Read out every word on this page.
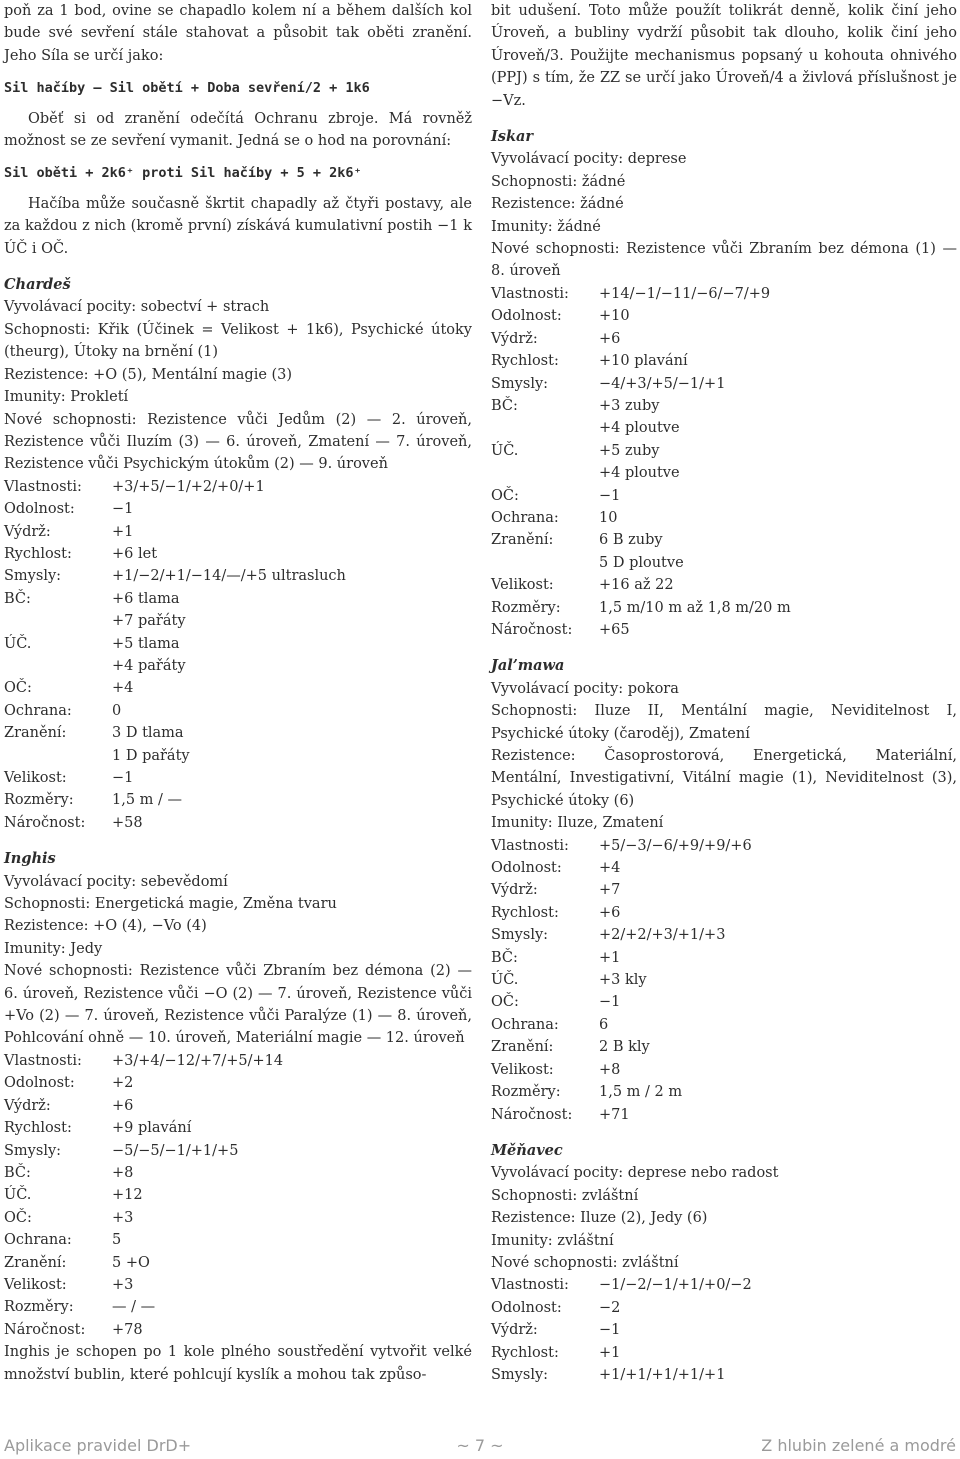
poň za 1 bod, ovine se chapadlo kolem ní a během dalších kol bude své sevření stále stahovat a působit tak oběti zranění. Jeho Síla se určí jako:

Sil hačíby – Sil obětí + Doba sevření/2 + 1k6

Oběť si od zranění odečítá Ochranu zbroje. Má rovněž možnost se ze sevření vymanit. Jedná se o hod na porovnání:

Sil oběti + 2k6⁺ proti Sil hačíby + 5 + 2k6⁺

Hačíba může současně škrtit chapadly až čtyři postavy, ale za každou z nich (kromě první) získává kumulativní postih −1 k ÚČ i OČ.

Chardeš

Vyvolávací pocity: sobectví + strach

Schopnosti: Křik (Účinek = Velikost + 1k6), Psychické útoky (theurg), Útoky na brnění (1)

Rezistence: +O (5), Mentální magie (3)

Imunity: Prokletí

Nové schopnosti: Rezistence vůči Jedům (2) — 2. úroveň, Rezistence vůči Iluzím (3) — 6. úroveň, Zmatení — 7. úroveň, Rezistence vůči Psychickým útokům (2) — 9. úroveň

Vlastnosti:	+3/+5/−1/+2/+0/+1
Odolnost:	−1
Výdrž:	+1
Rychlost:	+6 let
Smysly:	+1/−2/+1/−14/—/+5 ultrasluch
BČ:	+6 tlama
+7 pařáty
ÚČ.	+5 tlama
+4 pařáty
OČ:	+4
Ochrana:	0
Zranění:	3 D tlama
1 D pařáty
Velikost:	−1
Rozměry:	1,5 m / —
Náročnost:	+58
Inghis

Vyvolávací pocity: sebevědomí

Schopnosti: Energetická magie, Změna tvaru

Rezistence: +O (4), −Vo (4)

Imunity: Jedy

Nové schopnosti: Rezistence vůči Zbraním bez démona (2) — 6. úroveň, Rezistence vůči −O (2) — 7. úroveň, Rezistence vůči +Vo (2) — 7. úroveň, Rezistence vůči Paralýze (1) — 8. úroveň, Pohlcování ohně — 10. úroveň, Materiální magie — 12. úroveň

Vlastnosti:	+3/+4/−12/+7/+5/+14
Odolnost:	+2
Výdrž:	+6
Rychlost:	+9 plavání
Smysly:	−5/−5/−1/+1/+5
BČ:	+8
ÚČ.	+12
OČ:	+3
Ochrana:	5
Zranění:	5 +O
Velikost:	+3
Rozměry:	— / —
Náročnost:	+78

Inghis je schopen po 1 kole plného soustředění vytvořit velké množství bublin, které pohlcují kyslík a mohou tak způso-

bit udušení. Toto může použít tolikrát denně, kolik činí jeho Úroveň, a bubliny vydrží působit tak dlouho, kolik činí jeho Úroveň/3. Použijte mechanismus popsaný u kohouta ohnivého (PPJ) s tím, že ZZ se určí jako Úroveň/4 a živlová příslušnost je −Vz.

Iskar

Vyvolávací pocity: deprese

Schopnosti: žádné

Rezistence: žádné

Imunity: žádné

Nové schopnosti: Rezistence vůči Zbraním bez démona (1) — 8. úroveň

Vlastnosti:	+14/−1/−11/−6/−7/+9
Odolnost:	+10
Výdrž:	+6
Rychlost:	+10 plavání
Smysly:	−4/+3/+5/−1/+1
BČ:	+3 zuby
+4 ploutve
ÚČ.	+5 zuby
+4 ploutve
OČ:	−1
Ochrana:	10
Zranění:	6 B zuby
5 D ploutve
Velikost:	+16 až 22
Rozměry:	1,5 m/10 m až 1,8 m/20 m
Náročnost:	+65
Jal’mawa

Vyvolávací pocity: pokora

Schopnosti: Iluze II, Mentální magie, Neviditelnost I, Psychické útoky (čaroděj), Zmatení

Rezistence: Časoprostorová, Energetická, Materiální, Mentální, Investigativní, Vitální magie (1), Neviditelnost (3), Psychické útoky (6)

Imunity: Iluze, Zmatení

Vlastnosti:	+5/−3/−6/+9/+9/+6
Odolnost:	+4
Výdrž:	+7
Rychlost:	+6
Smysly:	+2/+2/+3/+1/+3
BČ:	+1
ÚČ.	+3 kly
OČ:	−1
Ochrana:	6
Zranění:	2 B kly
Velikost:	+8
Rozměry:	1,5 m / 2 m
Náročnost:	+71
Měňavec

Vyvolávací pocity: deprese nebo radost

Schopnosti: zvláštní

Rezistence: Iluze (2), Jedy (6)

Imunity: zvláštní

Nové schopnosti: zvláštní

Vlastnosti:	−1/−2/−1/+1/+0/−2
Odolnost:	−2
Výdrž:	−1
Rychlost:	+1
Smysly:	+1/+1/+1/+1/+1
Aplikace pravidel DrD+	~ 7 ~	Z hlubin zelené a modré
